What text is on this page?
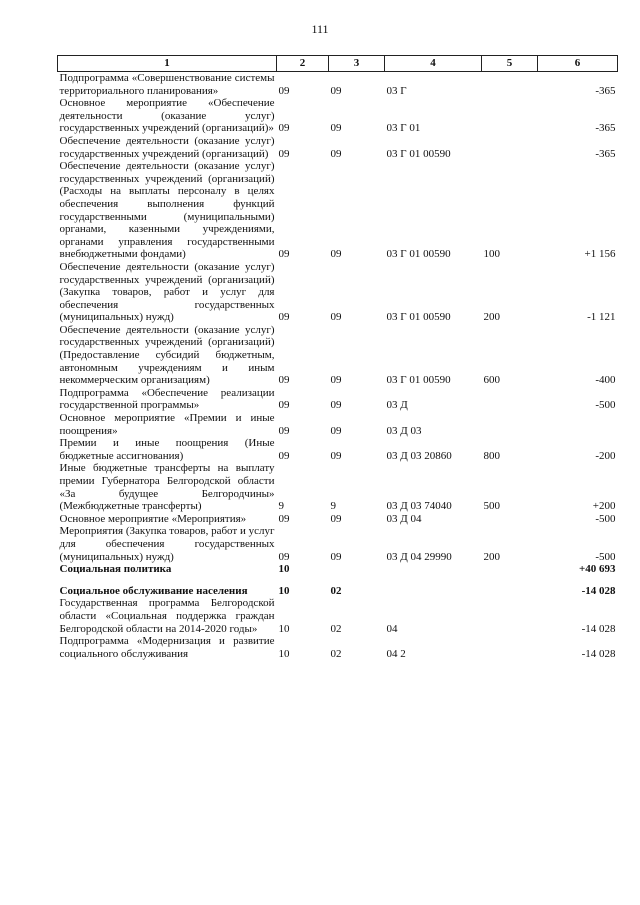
111
1	2	3	4	5	6
Подпрограмма «Совершенствование системы территориального планирования»	09	09	03 Г		-365
Основное мероприятие «Обеспечение деятельности (оказание услуг) государственных учреждений (организаций)»	09	09	03 Г 01		-365
Обеспечение деятельности (оказание услуг) государственных учреждений (организаций)	09	09	03 Г 01 00590		-365
Обеспечение деятельности (оказание услуг) государственных учреждений (организаций) (Расходы на выплаты персоналу в целях обеспечения выполнения функций государственными (муниципальными) органами, казенными учреждениями, органами управления государственными внебюджетными фондами)	09	09	03 Г 01 00590	100	+1 156
Обеспечение деятельности (оказание услуг) государственных учреждений (организаций) (Закупка товаров, работ и услуг для обеспечения государственных (муниципальных) нужд)	09	09	03 Г 01 00590	200	-1 121
Обеспечение деятельности (оказание услуг) государственных учреждений (организаций) (Предоставление субсидий бюджетным, автономным учреждениям и иным некоммерческим организациям)	09	09	03 Г 01 00590	600	-400
Подпрограмма «Обеспечение реализации государственной программы»	09	09	03 Д		-500
Основное мероприятие «Премии и иные поощрения»	09	09	03 Д 03		
Премии и иные поощрения (Иные бюджетные ассигнования)	09	09	03 Д 03 20860	800	-200
Иные бюджетные трансферты на выплату премии Губернатора Белгородской области «За будущее Белгородчины» (Межбюджетные трансферты)	9	9	03 Д 03 74040	500	+200
Основное мероприятие «Мероприятия»	09	09	03 Д 04		-500
Мероприятия (Закупка товаров, работ и услуг для обеспечения государственных (муниципальных) нужд)	09	09	03 Д 04 29990	200	-500
Социальная политика	10				+40 693
Социальное обслуживание населения	10	02			-14 028
Государственная программа Белгородской области «Социальная поддержка граждан Белгородской области на 2014-2020 годы»	10	02	04		-14 028
Подпрограмма «Модернизация и развитие социального обслуживания	10	02	04 2		-14 028
